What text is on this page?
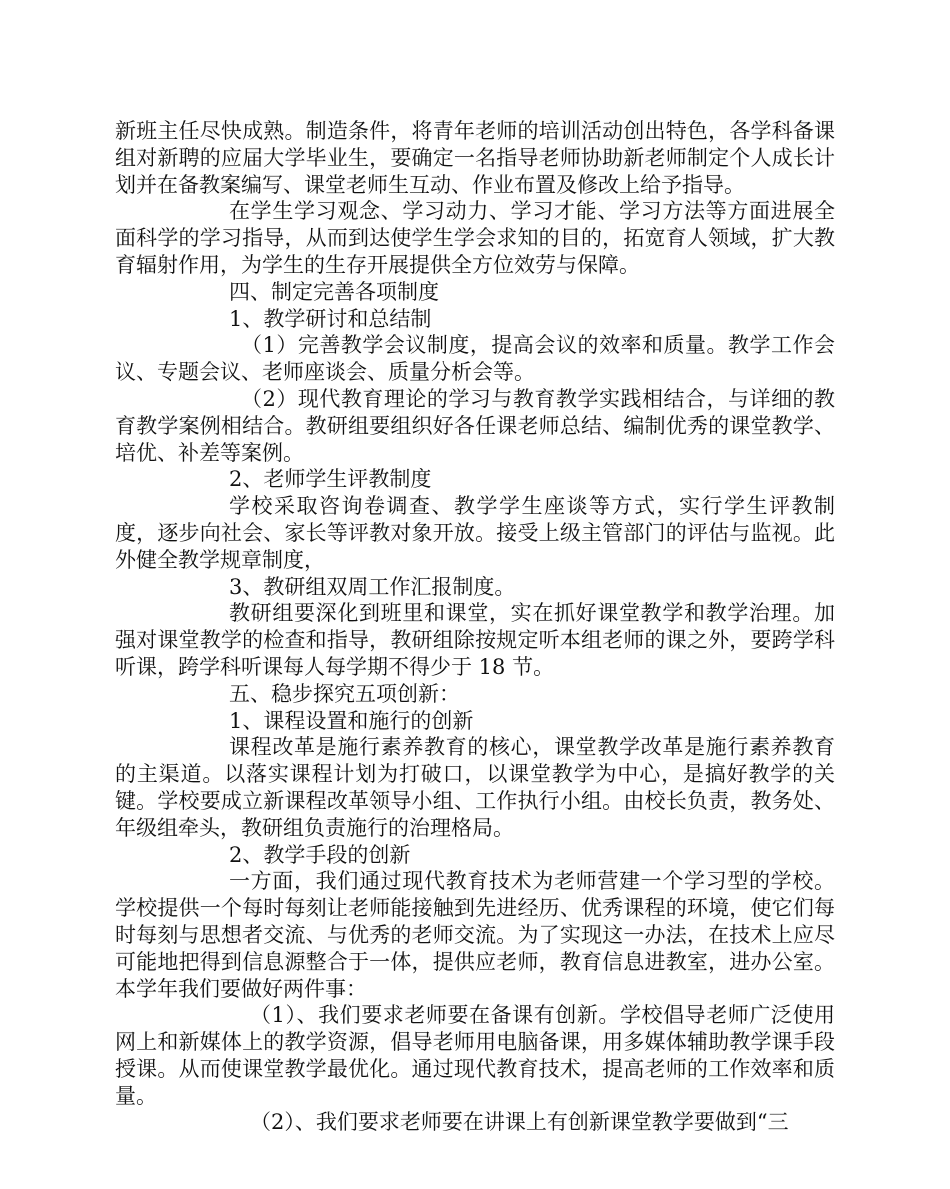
新班主任尽快成熟。制造条件，将青年老师的培训活动创出特色，各学科备课组对新聘的应届大学毕业生，要确定一名指导老师协助新老师制定个人成长计划并在备教案编写、课堂老师生互动、作业布置及修改上给予指导。

在学生学习观念、学习动力、学习才能、学习方法等方面进展全面科学的学习指导，从而到达使学生学会求知的目的，拓宽育人领域，扩大教育辐射作用，为学生的生存开展提供全方位效劳与保障。

四、制定完善各项制度

1、教学研讨和总结制

（1）完善教学会议制度，提高会议的效率和质量。教学工作会议、专题会议、老师座谈会、质量分析会等。

（2）现代教育理论的学习与教育教学实践相结合，与详细的教育教学案例相结合。教研组要组织好各任课老师总结、编制优秀的课堂教学、培优、补差等案例。

2、老师学生评教制度

学校采取咨询卷调查、教学学生座谈等方式，实行学生评教制度，逐步向社会、家长等评教对象开放。接受上级主管部门的评估与监视。此外健全教学规章制度，

3、教研组双周工作汇报制度。

教研组要深化到班里和课堂，实在抓好课堂教学和教学治理。加强对课堂教学的检查和指导，教研组除按规定听本组老师的课之外，要跨学科听课，跨学科听课每人每学期不得少于 18 节。

五、稳步探究五项创新：

1、课程设置和施行的创新

课程改革是施行素养教育的核心，课堂教学改革是施行素养教育的主渠道。以落实课程计划为打破口，以课堂教学为中心，是搞好教学的关键。学校要成立新课程改革领导小组、工作执行小组。由校长负责，教务处、年级组牵头，教研组负责施行的治理格局。

2、教学手段的创新

一方面，我们通过现代教育技术为老师营建一个学习型的学校。学校提供一个每时每刻让老师能接触到先进经历、优秀课程的环境，使它们每时每刻与思想者交流、与优秀的老师交流。为了实现这一办法，在技术上应尽可能地把得到信息源整合于一体，提供应老师，教育信息进教室，进办公室。本学年我们要做好两件事：

（1）、我们要求老师要在备课有创新。学校倡导老师广泛使用网上和新媒体上的教学资源，倡导老师用电脑备课，用多媒体辅助教学课手段授课。从而使课堂教学最优化。通过现代教育技术，提高老师的工作效率和质量。

（2）、我们要求老师要在讲课上有创新课堂教学要做到“三
